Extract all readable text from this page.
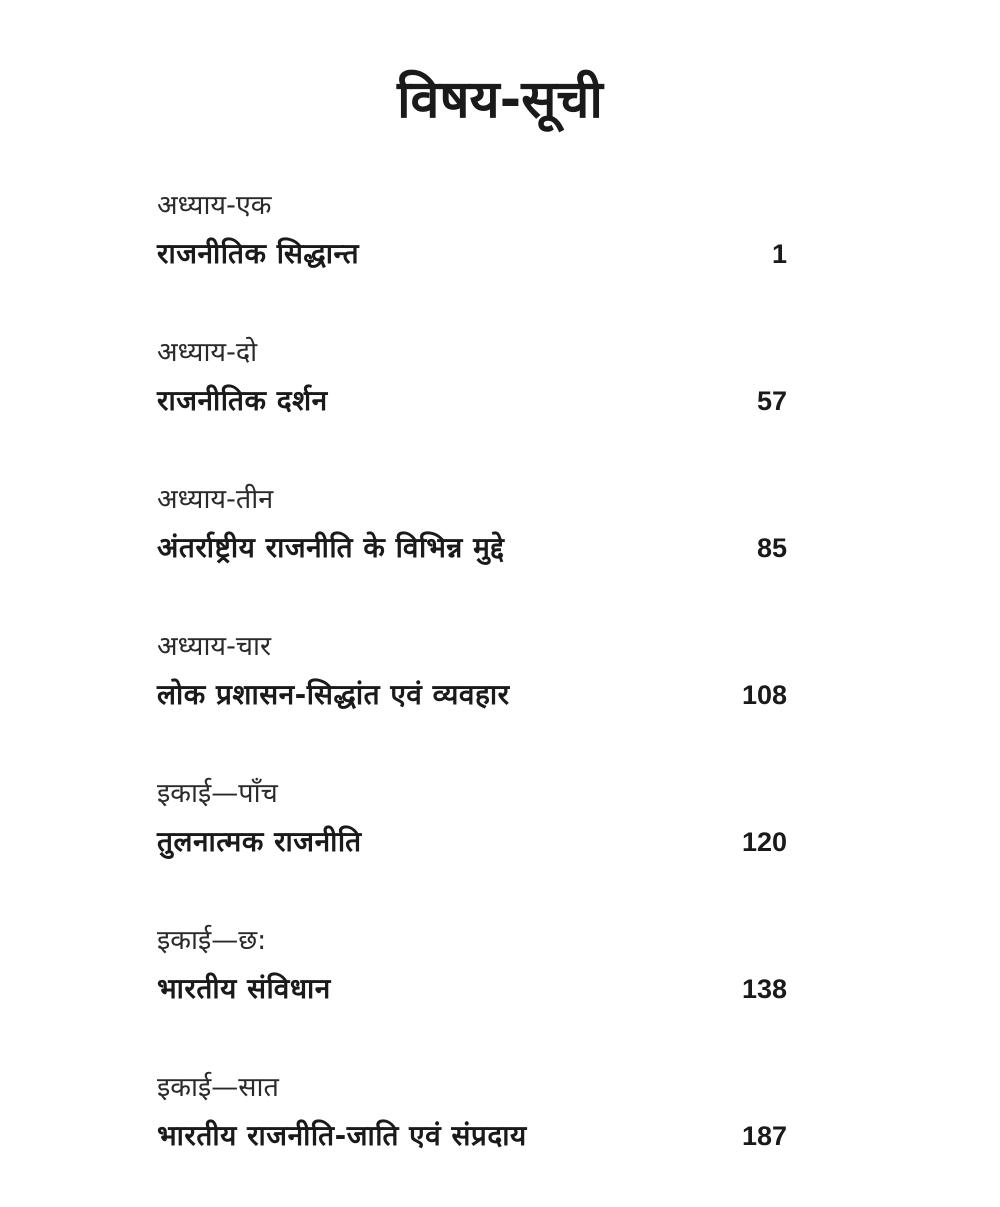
विषय-सूची
अध्याय-एक
राजनीतिक सिद्धान्त	1
अध्याय-दो
राजनीतिक दर्शन	57
अध्याय-तीन
अंतर्राष्ट्रीय राजनीति के विभिन्न मुद्दे	85
अध्याय-चार
लोक प्रशासन-सिद्धांत एवं व्यवहार	108
इकाई—पाँच
तुलनात्मक राजनीति	120
इकाई—छ:
भारतीय संविधान	138
इकाई—सात
भारतीय राजनीति-जाति एवं संप्रदाय	187
